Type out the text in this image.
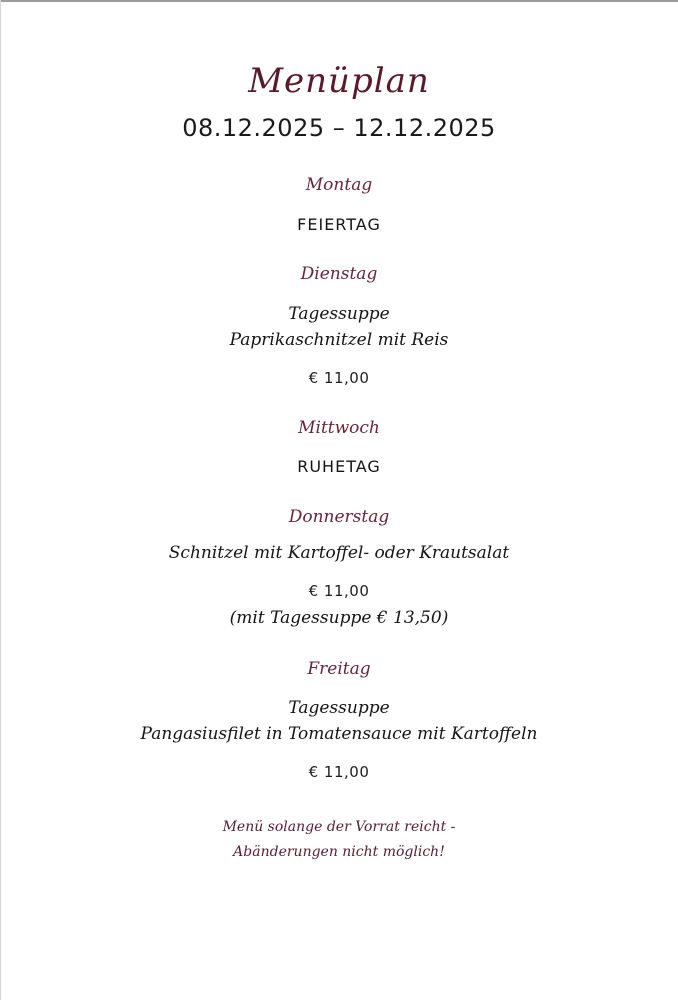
Menüplan
08.12.2025 – 12.12.2025
Montag
FEIERTAG
Dienstag
Tagessuppe
Paprikaschnitzel mit Reis
€ 11,00
Mittwoch
RUHETAG
Donnerstag
Schnitzel mit Kartoffel- oder Krautsalat
€ 11,00
(mit Tagessuppe € 13,50)
Freitag
Tagessuppe
Pangasiusfilet in Tomatensauce mit Kartoffeln
€ 11,00
Menü solange der Vorrat reicht -
Abänderungen nicht möglich!
